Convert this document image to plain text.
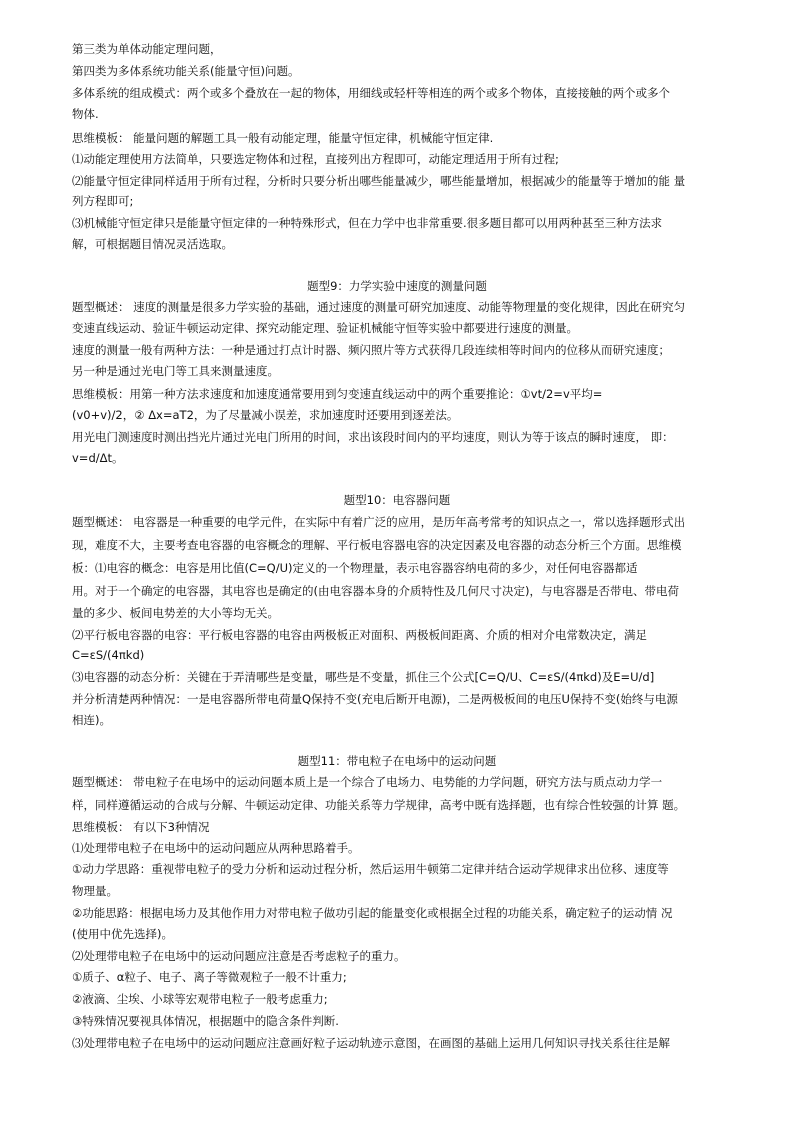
第三类为单体动能定理问题，
第四类为多体系统功能关系(能量守恒)问题。
多体系统的组成模式：两个或多个叠放在一起的物体，用细线或轻杆等相连的两个或多个物体，直接接触的两个或多个
物体.
思维模板： 能量问题的解题工具一般有动能定理，能量守恒定律，机械能守恒定律.
⑴动能定理使用方法简单，只要选定物体和过程，直接列出方程即可，动能定理适用于所有过程;
⑵能量守恒定律同样适用于所有过程，分析时只要分析出哪些能量减少，哪些能量增加，根据减少的能量等于增加的能 量
列方程即可;
⑶机械能守恒定律只是能量守恒定律的一种特殊形式，但在力学中也非常重要.很多题目都可以用两种甚至三种方法求
解，可根据题目情况灵活选取。
题型9：力学实验中速度的测量问题
题型概述： 速度的测量是很多力学实验的基础，通过速度的测量可研究加速度、动能等物理量的变化规律，因此在研究匀
变速直线运动、验证牛顿运动定律、探究动能定理、验证机械能守恒等实验中都要进行速度的测量。
速度的测量一般有两种方法：一种是通过打点计时器、频闪照片等方式获得几段连续相等时间内的位移从而研究速度；
另一种是通过光电门等工具来测量速度。
思维模板：用第一种方法求速度和加速度通常要用到匀变速直线运动中的两个重要推论：①vt/2=v平均=
(v0+v)/2，② Δx=aT2，为了尽量减小误差，求加速度时还要用到逐差法。
用光电门测速度时测出挡光片通过光电门所用的时间，求出该段时间内的平均速度，则认为等于该点的瞬时速度， 即：
v=d/Δt。
题型10：电容器问题
题型概述： 电容器是一种重要的电学元件，在实际中有着广泛的应用，是历年高考常考的知识点之一，常以选择题形式出
现，难度不大，主要考查电容器的电容概念的理解、平行板电容器电容的决定因素及电容器的动态分析三个方面。思维模
板：⑴电容的概念：电容是用比值(C=Q/U)定义的一个物理量，表示电容器容纳电荷的多少，对任何电容器都适
用。对于一个确定的电容器，其电容也是确定的(由电容器本身的介质特性及几何尺寸决定)，与电容器是否带电、带电荷
量的多少、板间电势差的大小等均无关。
⑵平行板电容器的电容：平行板电容器的电容由两极板正对面积、两极板间距离、介质的相对介电常数决定，满足
C=εS/(4πkd)
⑶电容器的动态分析：关键在于弄清哪些是变量，哪些是不变量，抓住三个公式[C=Q/U、C=εS/(4πkd)及E=U/d]
并分析清楚两种情况：一是电容器所带电荷量Q保持不变(充电后断开电源)，二是两极板间的电压U保持不变(始终与电源
相连)。
题型11：带电粒子在电场中的运动问题
题型概述： 带电粒子在电场中的运动问题本质上是一个综合了电场力、电势能的力学问题，研究方法与质点动力学一
样，同样遵循运动的合成与分解、牛顿运动定律、功能关系等力学规律，高考中既有选择题，也有综合性较强的计算 题。
思维模板： 有以下3种情况
⑴处理带电粒子在电场中的运动问题应从两种思路着手。
①动力学思路：重视带电粒子的受力分析和运动过程分析，然后运用牛顿第二定律并结合运动学规律求出位移、速度等
物理量。
②功能思路：根据电场力及其他作用力对带电粒子做功引起的能量变化或根据全过程的功能关系，确定粒子的运动情 况
(使用中优先选择)。
⑵处理带电粒子在电场中的运动问题应注意是否考虑粒子的重力。
①质子、α粒子、电子、离子等微观粒子一般不计重力;
②液滴、尘埃、小球等宏观带电粒子一般考虑重力;
③特殊情况要视具体情况，根据题中的隐含条件判断.
⑶处理带电粒子在电场中的运动问题应注意画好粒子运动轨迹示意图，在画图的基础上运用几何知识寻找关系往往是解
